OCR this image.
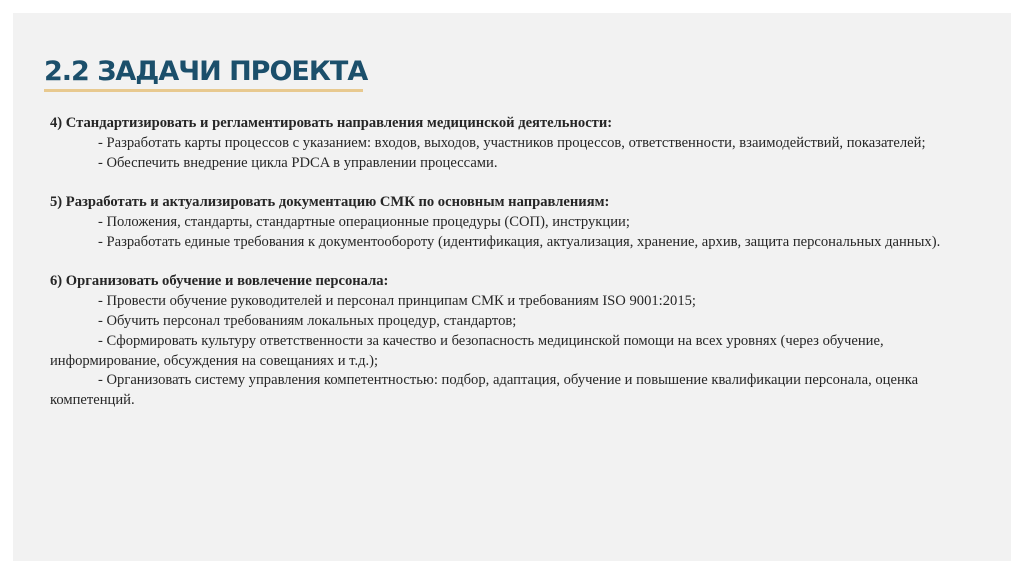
2.2 ЗАДАЧИ ПРОЕКТА
4) Стандартизировать и регламентировать направления медицинской деятельности:
- Разработать карты процессов с указанием: входов, выходов, участников процессов, ответственности, взаимодействий, показателей;
- Обеспечить внедрение цикла PDCA в управлении процессами.
5) Разработать и актуализировать документацию СМК по основным направлениям:
- Положения, стандарты, стандартные операционные процедуры (СОП), инструкции;
- Разработать единые требования к документообороту (идентификация, актуализация, хранение, архив, защита персональных данных).
6) Организовать обучение и вовлечение персонала:
- Провести обучение руководителей и персонал принципам СМК и требованиям ISO 9001:2015;
- Обучить персонал требованиям локальных процедур, стандартов;
- Сформировать культуру ответственности за качество и безопасность медицинской помощи на всех уровнях (через обучение, информирование, обсуждения на совещаниях и т.д.);
- Организовать систему управления компетентностью: подбор, адаптация, обучение и повышение квалификации персонала, оценка компетенций.
